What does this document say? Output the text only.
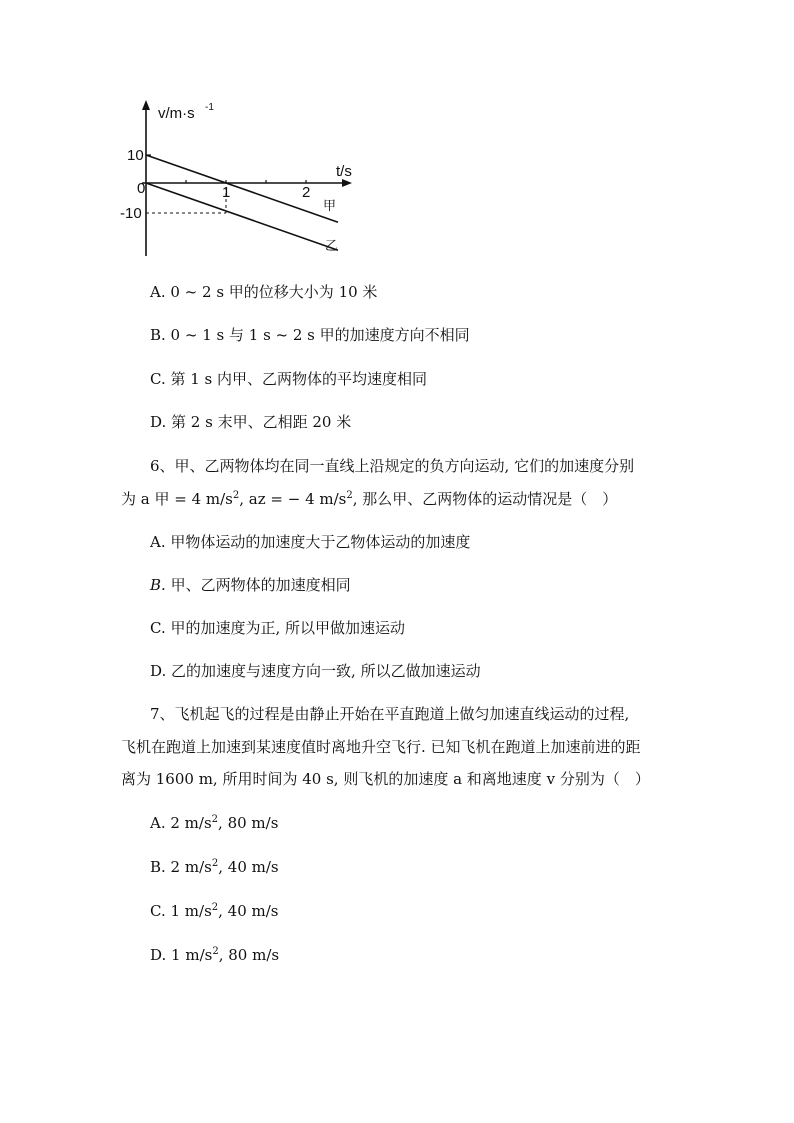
v/m·s -1
t/s
0
10
-10
1	2
甲
乙
A. 0 ~ 2 s 甲的位移大小为 10 米
B. 0 ~ 1 s 与 1 s ~ 2 s 甲的加速度方向不相同
C. 第 1 s 内甲、乙两物体的平均速度相同
D. 第 2 s 末甲、乙相距 20 米
6、甲、乙两物体均在同一直线上沿规定的负方向运动, 它们的加速度分别
为 a 甲 = 4 $m/s^2$, az = − 4 $m/s^2$, 那么甲、乙两物体的运动情况是（　）
A. 甲物体运动的加速度大于乙物体运动的加速度
B. 甲、乙两物体的加速度相同
C. 甲的加速度为正, 所以甲做加速运动
D. 乙的加速度与速度方向一致, 所以乙做加速运动
7、飞机起飞的过程是由静止开始在平直跑道上做匀加速直线运动的过程,
飞机在跑道上加速到某速度值时离地升空飞行. 已知飞机在跑道上加速前进的距
离为 1600 m, 所用时间为 40 s, 则飞机的加速度 a 和离地速度 v 分别为（　）
A. 2 $m/s^2$, 80 m/s
B. 2 $m/s^2$, 40 m/s
C. 1 $m/s^2$, 40 m/s
D. 1 $m/s^2$, 80 m/s
